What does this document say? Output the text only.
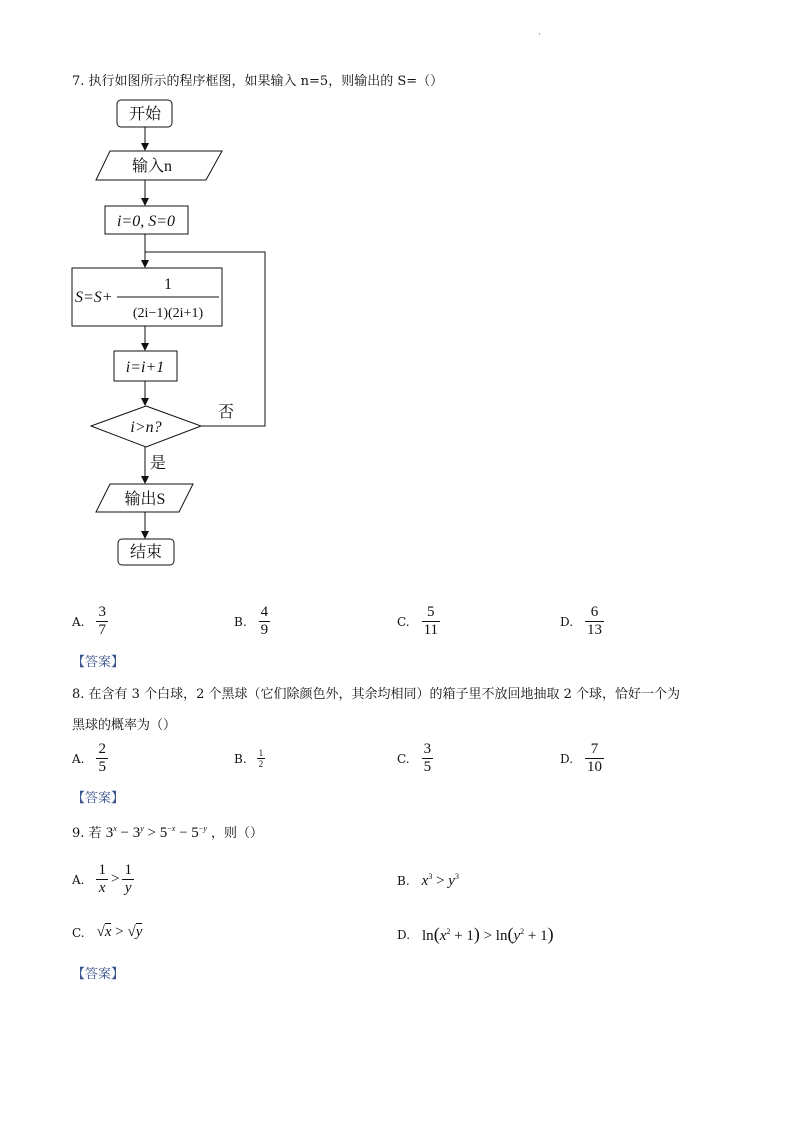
·
7. 执行如图所示的程序框图，如果输入 n=5，则输出的 S=（）
开始
输入n
i=0, S=0
S=S+
1
(2i−1)(2i+1)
i=i+1
i>n?
否
是
输出S
结束
A. $\frac{3}{7}$	B. $\frac{4}{9}$	C. $\frac{5}{11}$	D. $\frac{6}{13}$
【答案】
8. 在含有 3 个白球，2 个黑球（它们除颜色外，其余均相同）的箱子里不放回地抽取 2 个球，恰好一个为
黑球的概率为（）
A. $\frac{2}{5}$	B. $\frac{1}{2}$	C. $\frac{3}{5}$	D. $\frac{7}{10}$
【答案】
9. 若 $3^x - 3^y > 5^{-x} - 5^{-y}$ ，则（）
A. $\frac{1}{x} > \frac{1}{y}$	B. $x^3 > y^3$
C. √x > √y	D. $\ln(x^2 + 1) > \ln(y^2 + 1)$
【答案】
